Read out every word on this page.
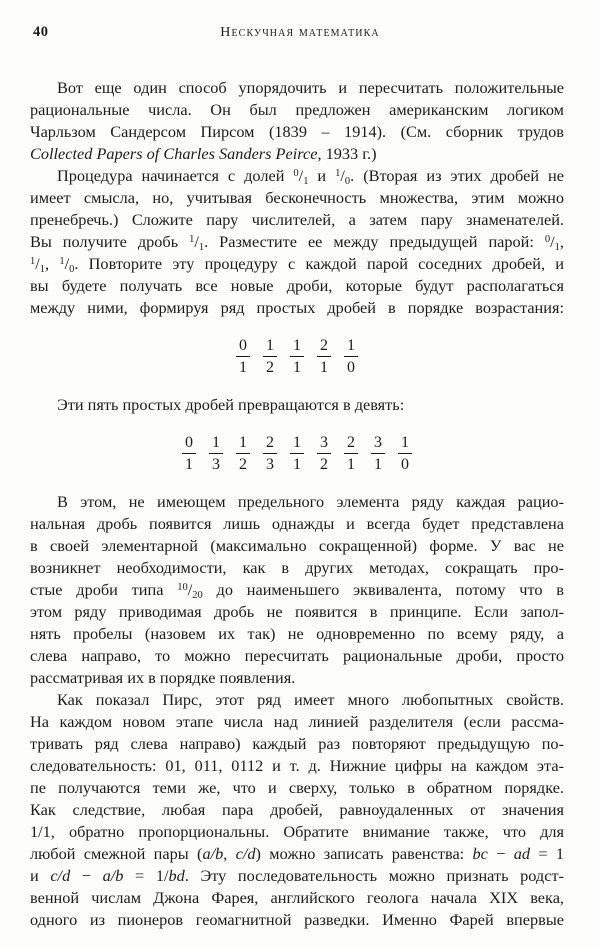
40	Нескучная математика

Вот еще один способ упорядочить и пересчитать положительные
рациональные числа. Он был предложен американским логиком
Чарльзом Сандерсом Пирсом (1839 – 1914). (См. сборник трудов
Collected Papers of Charles Sanders Peirce, 1933 г.)

Процедура начинается с долей $^0/_1$ и $^1/_0$. (Вторая из этих дробей не
имеет смысла, но, учитывая бесконечность множества, этим можно
пренебречь.) Сложите пару числителей, а затем пару знаменателей.
Вы получите дробь $^1/_1$. Разместите ее между предыдущей парой: $^0/_1$,
$^1/_1$, $^1/_0$. Повторите эту процедуру с каждой парой соседних дробей, и
вы будете получать все новые дроби, которые будут располагаться
между ними, формируя ряд простых дробей в порядке возрастания:

$\frac{0}{1} \frac{1}{2} \frac{1}{1} \frac{2}{1} \frac{1}{0}$

Эти пять простых дробей превращаются в девять:

$\frac{0}{1} \frac{1}{3} \frac{1}{2} \frac{2}{3} \frac{1}{1} \frac{3}{2} \frac{2}{1} \frac{3}{1} \frac{1}{0}$

В этом, не имеющем предельного элемента ряду каждая рацио-
нальная дробь появится лишь однажды и всегда будет представлена
в своей элементарной (максимально сокращенной) форме. У вас не
возникнет необходимости, как в других методах, сокращать про-
стые дроби типа $^{10}/_{20}$ до наименьшего эквивалента, потому что в
этом ряду приводимая дробь не появится в принципе. Если запол-
нять пробелы (назовем их так) не одновременно по всему ряду, а
слева направо, то можно пересчитать рациональные дроби, просто
рассматривая их в порядке появления.

Как показал Пирс, этот ряд имеет много любопытных свойств.
На каждом новом этапе числа над линией разделителя (если рассма-
тривать ряд слева направо) каждый раз повторяют предыдущую по-
следовательность: 01, 011, 0112 и т. д. Нижние цифры на каждом эта-
пе получаются теми же, что и сверху, только в обратном порядке.
Как следствие, любая пара дробей, равноудаленных от значения
1/1, обратно пропорциональны. Обратите внимание также, что для
любой смежной пары (a/b, c/d) можно записать равенства: bc − ad = 1
и c/d − a/b = 1/bd. Эту последовательность можно признать родст-
венной числам Джона Фарея, английского геолога начала XIX века,
одного из пионеров геомагнитной разведки. Именно Фарей впервые
